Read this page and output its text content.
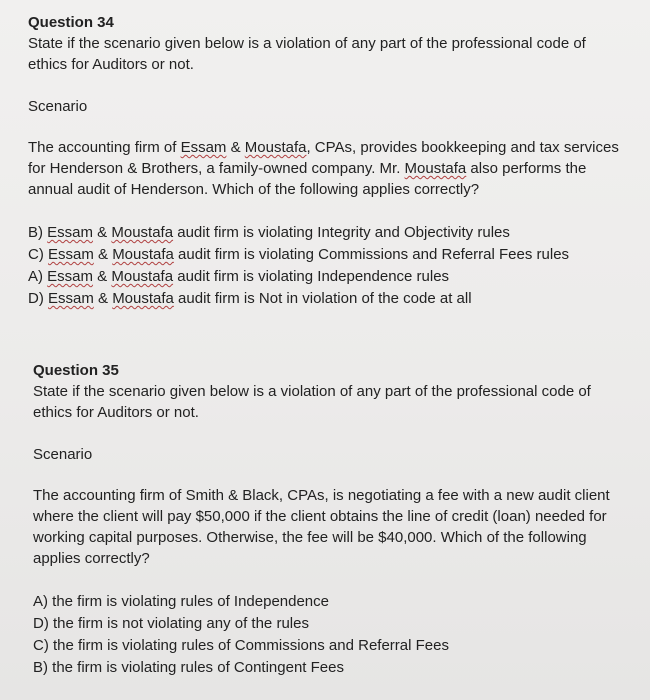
Question 34

State if the scenario given below is a violation of any part of the professional code of ethics for Auditors or not.

Scenario

The accounting firm of Essam & Moustafa, CPAs, provides bookkeeping and tax services for Henderson & Brothers, a family-owned company. Mr. Moustafa also performs the annual audit of Henderson. Which of the following applies correctly?

B) Essam & Moustafa audit firm is violating Integrity and Objectivity rules

C) Essam & Moustafa audit firm is violating Commissions and Referral Fees rules

A) Essam & Moustafa audit firm is violating Independence rules

D) Essam & Moustafa audit firm is Not in violation of the code at all

Question 35

State if the scenario given below is a violation of any part of the professional code of ethics for Auditors or not.

Scenario

The accounting firm of Smith & Black, CPAs, is negotiating a fee with a new audit client where the client will pay $50,000 if the client obtains the line of credit (loan) needed for working capital purposes. Otherwise, the fee will be $40,000. Which of the following applies correctly?

A) the firm is violating rules of Independence

D) the firm is not violating any of the rules

C) the firm is violating rules of Commissions and Referral Fees

B) the firm is violating rules of Contingent Fees
